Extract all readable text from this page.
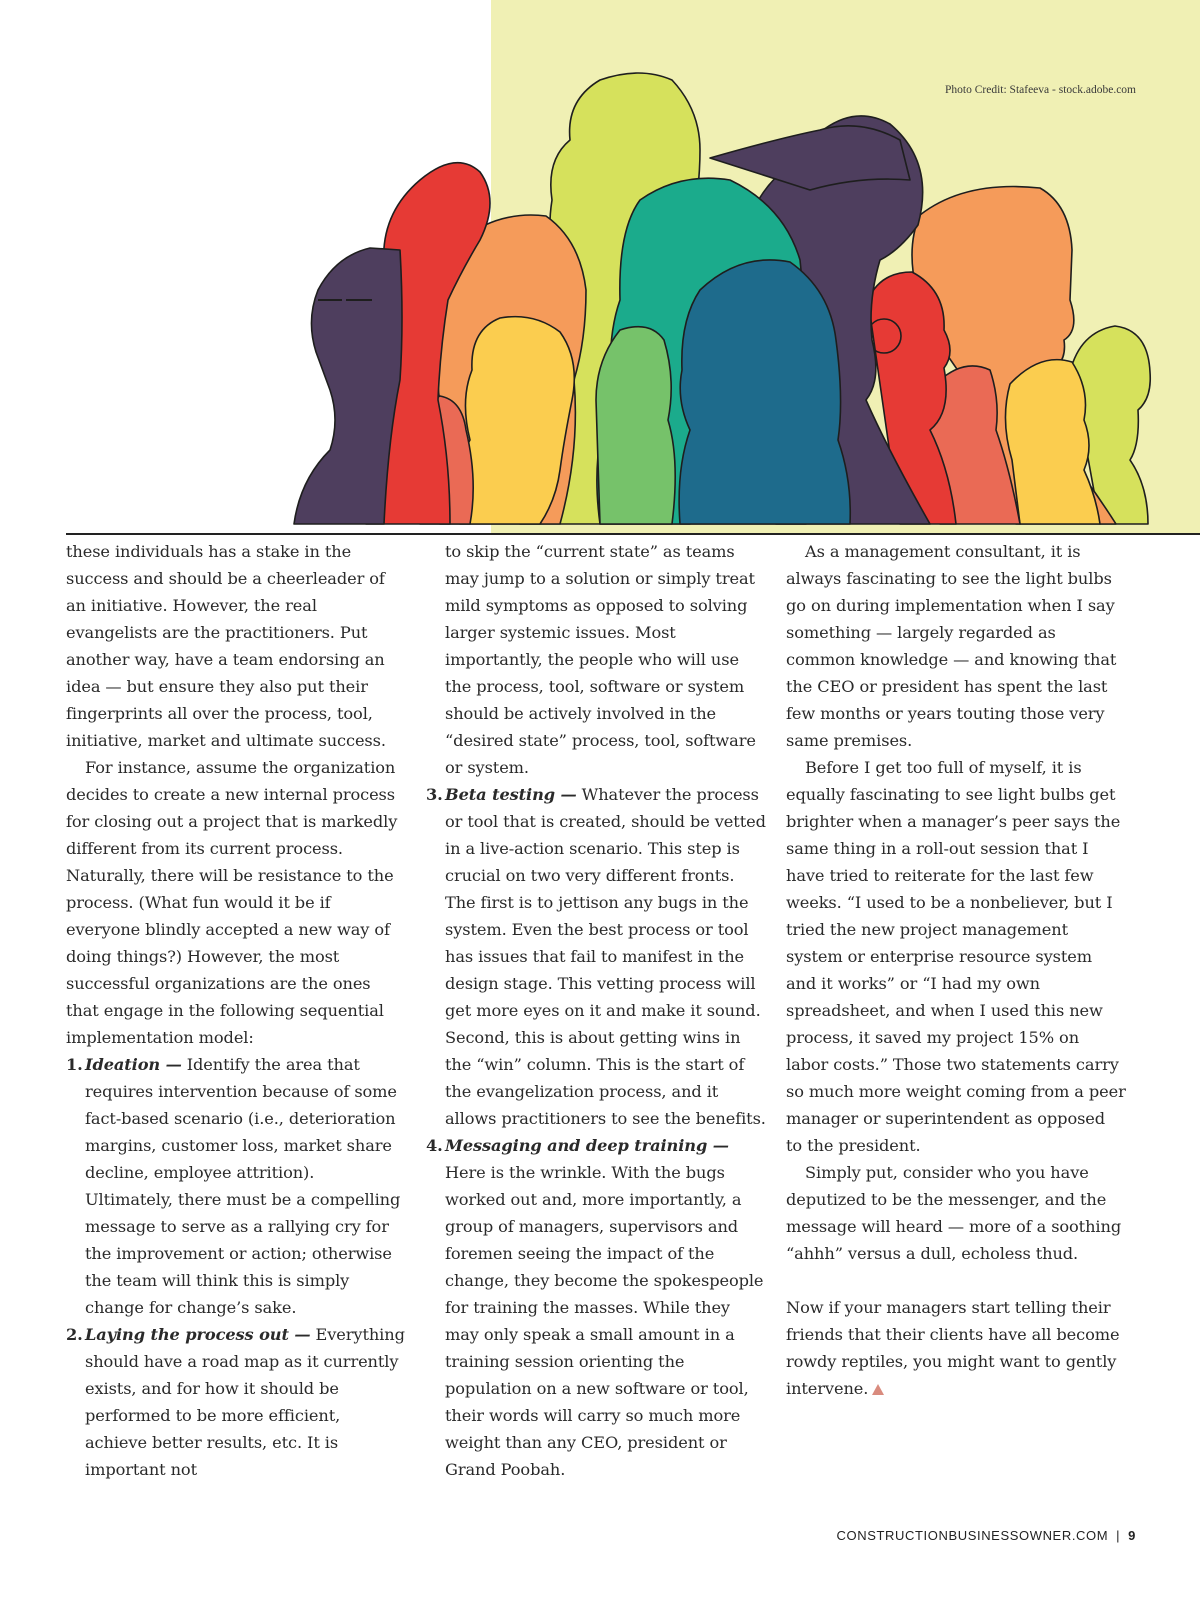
Photo Credit: Stafeeva - stock.adobe.com

these individuals has a stake in the success and should be a cheerleader of an initiative. However, the real evangelists are the practitioners. Put another way, have a team endorsing an idea — but ensure they also put their fingerprints all over the process, tool, initiative, market and ultimate success.

For instance, assume the organization decides to create a new internal process for closing out a project that is markedly different from its current process. Naturally, there will be resistance to the process. (What fun would it be if everyone blindly accepted a new way of doing things?) However, the most successful organizations are the ones that engage in the following sequential implementation model:

1. Ideation — Identify the area that requires intervention because of some fact-based scenario (i.e., deterioration margins, customer loss, market share decline, employee attrition). Ultimately, there must be a compelling message to serve as a rallying cry for the improvement or action; otherwise the team will think this is simply change for change’s sake.

2. Laying the process out — Everything should have a road map as it currently exists, and for how it should be performed to be more efficient, achieve better results, etc. It is important not

to skip the “current state” as teams may jump to a solution or simply treat mild symptoms as opposed to solving larger systemic issues. Most importantly, the people who will use the process, tool, software or system should be actively involved in the “desired state” process, tool, software or system.

3. Beta testing — Whatever the process or tool that is created, should be vetted in a live-action scenario. This step is crucial on two very different fronts. The first is to jettison any bugs in the system. Even the best process or tool has issues that fail to manifest in the design stage. This vetting process will get more eyes on it and make it sound. Second, this is about getting wins in the “win” column. This is the start of the evangelization process, and it allows practitioners to see the benefits.

4. Messaging and deep training — Here is the wrinkle. With the bugs worked out and, more importantly, a group of managers, supervisors and foremen seeing the impact of the change, they become the spokespeople for training the masses. While they may only speak a small amount in a training session orienting the population on a new software or tool, their words will carry so much more weight than any CEO, president or Grand Poobah.

As a management consultant, it is always fascinating to see the light bulbs go on during implementation when I say something — largely regarded as common knowledge — and knowing that the CEO or president has spent the last few months or years touting those very same premises.

Before I get too full of myself, it is equally fascinating to see light bulbs get brighter when a manager’s peer says the same thing in a roll-out session that I have tried to reiterate for the last few weeks. “I used to be a nonbeliever, but I tried the new project management system or enterprise resource system and it works” or “I had my own spreadsheet, and when I used this new process, it saved my project 15% on labor costs.” Those two statements carry so much more weight coming from a peer manager or superintendent as opposed to the president.

Simply put, consider who you have deputized to be the messenger, and the message will heard — more of a soothing “ahhh” versus a dull, echoless thud.

Now if your managers start telling their friends that their clients have all become rowdy reptiles, you might want to gently intervene.

CONSTRUCTIONBUSINESSOWNER.COM | 9
